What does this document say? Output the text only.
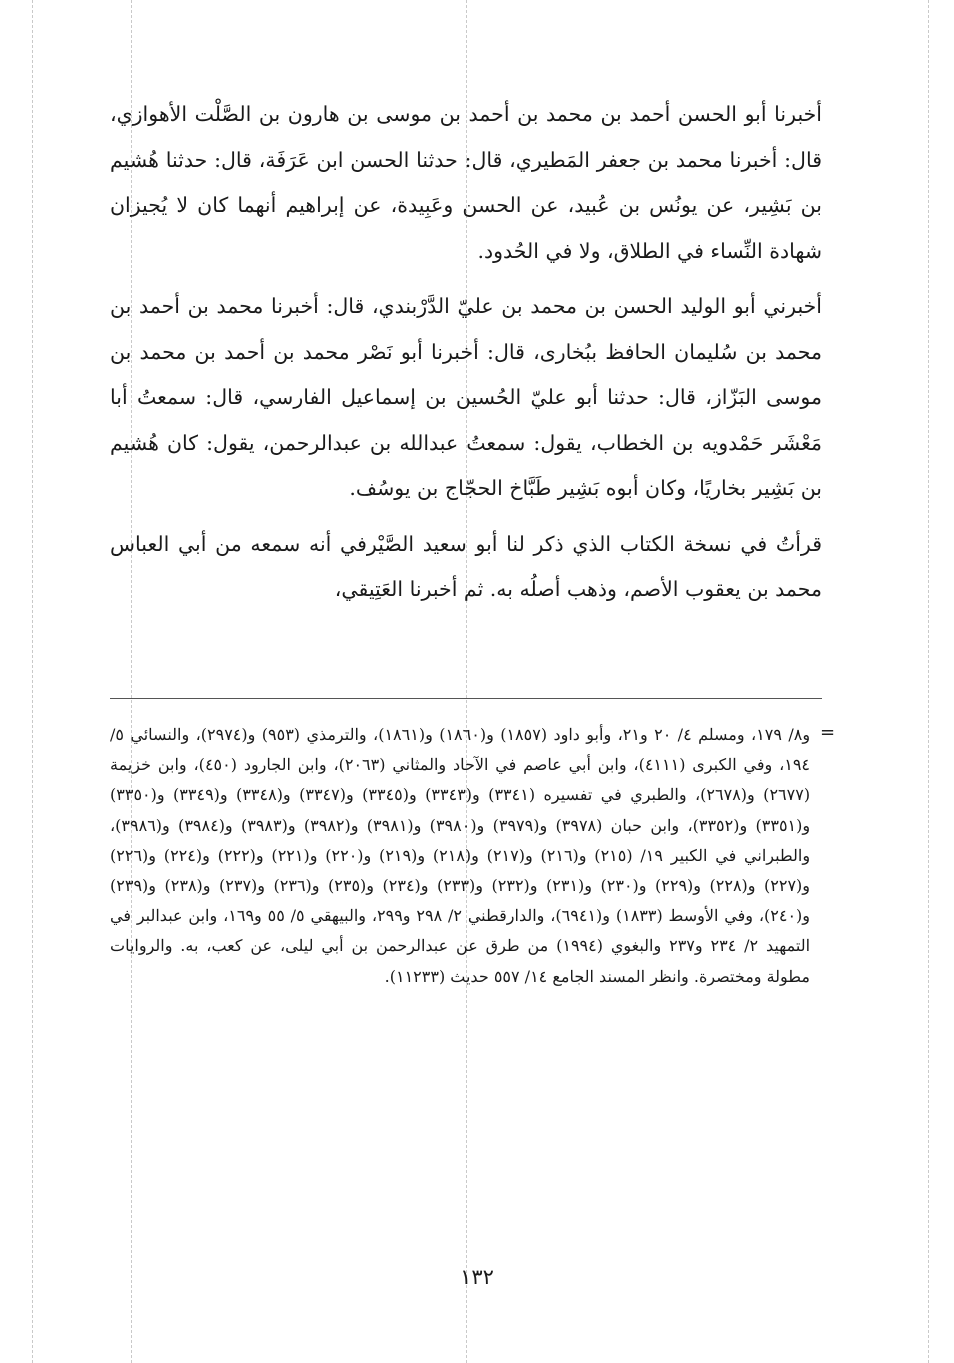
أخبرنا أبو الحسن أحمد بن محمد بن أحمد بن موسى بن هارون بن الصَّلْت الأهوازي، قال: أخبرنا محمد بن جعفر المَطيري، قال: حدثنا الحسن ابن عَرَفَة، قال: حدثنا هُشيم بن بَشِير، عن يونُس بن عُبيد، عن الحسن وعَبِيدة، عن إبراهيم أنهما كان لا يُجيزان شهادة النِّساء في الطلاق، ولا في الحُدود.

أخبرني أبو الوليد الحسن بن محمد بن عليّ الدَّرْبندي، قال: أخبرنا محمد بن أحمد بن محمد بن سُليمان الحافظ ببُخارى، قال: أخبرنا أبو نَصْر محمد بن أحمد بن محمد بن موسى البَزّاز، قال: حدثنا أبو عليّ الحُسين بن إسماعيل الفارسي، قال: سمعتُ أبا مَعْشَر حَمْدويه بن الخطاب، يقول: سمعتُ عبدالله بن عبدالرحمن، يقول: كان هُشيم بن بَشِير بخاريًا، وكان أبوه بَشِير طَبَّاخ الحجّاج بن يوسُف.

قرأتُ في نسخة الكتاب الذي ذكر لنا أبو سعيد الصَّيْرفي أنه سمعه من أبي العباس محمد بن يعقوب الأصم، وذهب أصلُه به. ثم أخبرنا العَتِيقي،

=

و٨/ ١٧٩، ومسلم ٤/ ٢٠ و٢١، وأبو داود (١٨٥٧) و(١٨٦٠) و(١٨٦١)، والترمذي (٩٥٣) و(٢٩٧٤)، والنسائي ٥/ ١٩٤، وفي الكبرى (٤١١١)، وابن أبي عاصم في الآحاد والمثاني (٢٠٦٣)، وابن الجارود (٤٥٠)، وابن خزيمة (٢٦٧٧) و(٢٦٧٨)، والطبري في تفسيره (٣٣٤١) و(٣٣٤٣) و(٣٣٤٥) و(٣٣٤٧) و(٣٣٤٨) و(٣٣٤٩) و(٣٣٥٠) و(٣٣٥١) و(٣٣٥٢)، وابن حبان (٣٩٧٨) و(٣٩٧٩) و(٣٩٨٠) و(٣٩٨١) و(٣٩٨٢) و(٣٩٨٣) و(٣٩٨٤) و(٣٩٨٦)، والطبراني في الكبير ١٩/ (٢١٥) و(٢١٦) و(٢١٧) و(٢١٨) و(٢١٩) و(٢٢٠) و(٢٢١) و(٢٢٢) و(٢٢٤) و(٢٢٦) و(٢٢٧) و(٢٢٨) و(٢٢٩) و(٢٣٠) و(٢٣١) و(٢٣٢) و(٢٣٣) و(٢٣٤) و(٢٣٥) و(٢٣٦) و(٢٣٧) و(٢٣٨) و(٢٣٩) و(٢٤٠)، وفي الأوسط (١٨٣٣) و(٦٩٤١)، والدارقطني ٢/ ٢٩٨ و٢٩٩، والبيهقي ٥/ ٥٥ و١٦٩، وابن عبدالبر في التمهيد ٢/ ٢٣٤ و٢٣٧ والبغوي (١٩٩٤) من طرق عن عبدالرحمن بن أبي ليلى، عن كعب، به. والروايات مطولة ومختصرة. وانظر المسند الجامع ١٤/ ٥٥٧ حديث (١١٢٣٣).

١٣٢
